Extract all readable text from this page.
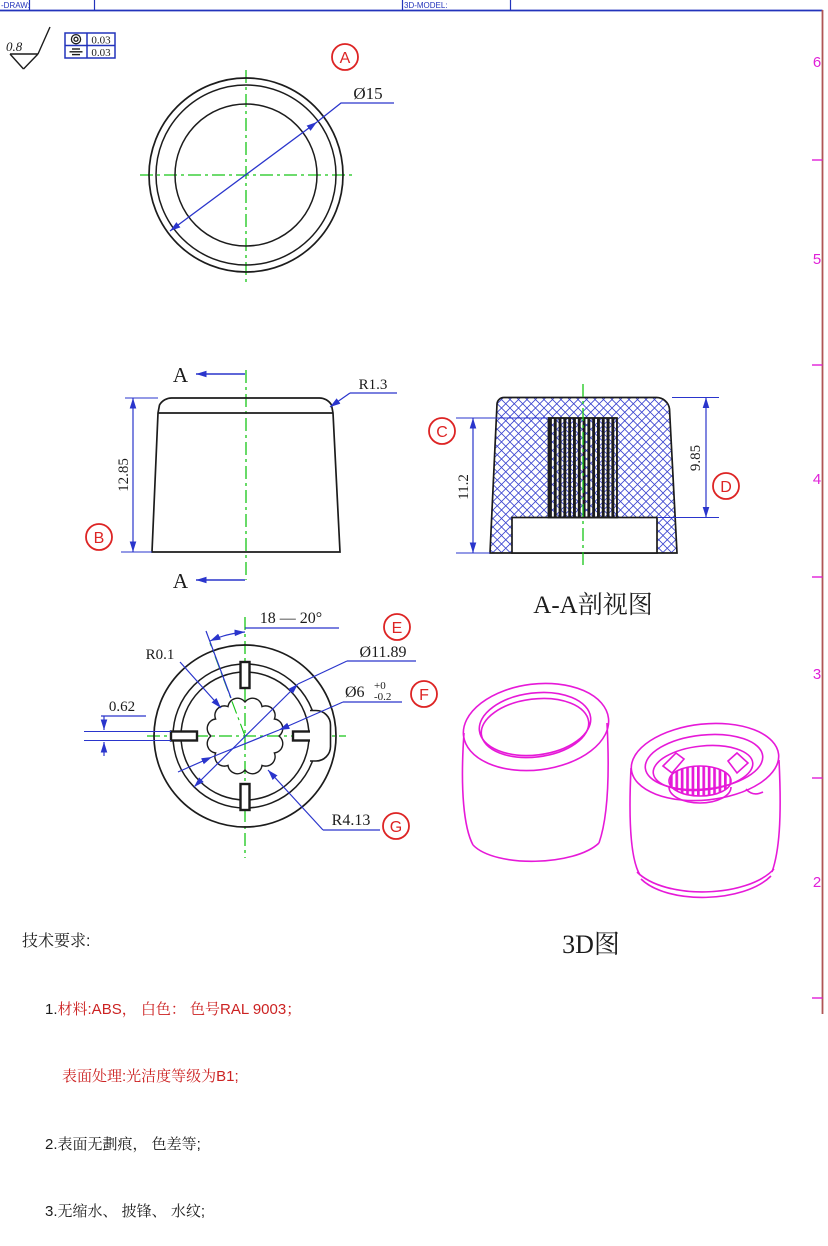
-DRAW:	3D-MODEL:
6
5
4
3
2
0.8	0.03
0.03
Ø15
A
A
12.85
R1.3
11.2
9.85
A-A剖视图
18 — 20°
R0.1
0.62
Ø11.89
Ø6 +0
-0.2
R4.13
A
B
C
D
E
F
G
3D图

技术要求:

1.材料:ABS， 白色： 色号RAL 9003；

表面处理:光洁度等级为B1;

2.表面无劃痕， 色差等;

3.无缩水、 披锋、 水纹;
